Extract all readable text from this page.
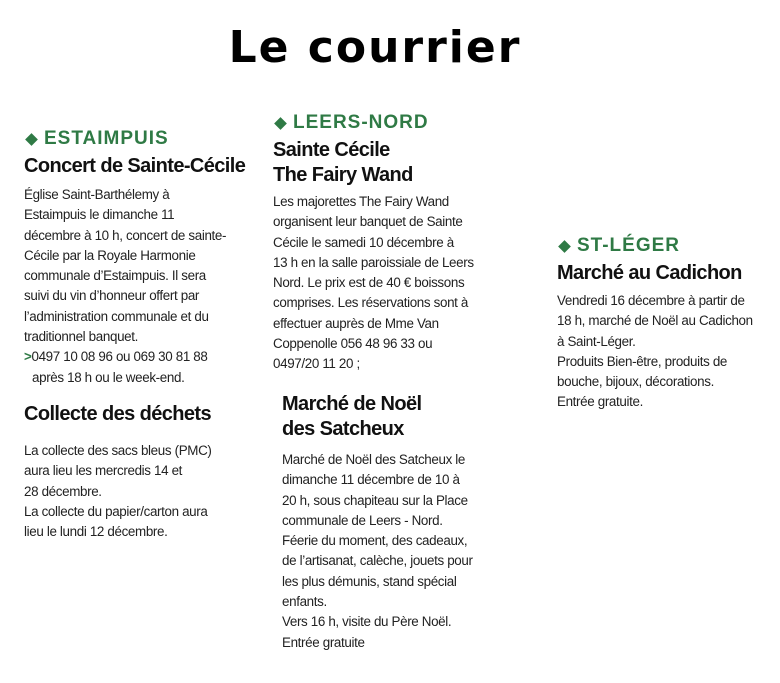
Le courrier
ESTAIMPUIS
Concert de Sainte-Cécile

Église Saint-Barthélemy à

Estaimpuis le dimanche 11

décembre à 10 h, concert de sainte-

Cécile par la Royale Harmonie

communale d’Estaimpuis. Il sera

suivi du vin d’honneur offert par

l’administration communale et du

traditionnel banquet.

>0497 10 08 96 ou 069 30 81 88
après 18 h ou le week-end.
Collecte des déchets

La collecte des sacs bleus (PMC)

aura lieu les mercredis 14 et

28 décembre.

La collecte du papier/carton aura

lieu le lundi 12 décembre.

LEERS-NORD
Sainte Cécile
The Fairy Wand

Les majorettes The Fairy Wand

organisent leur banquet de Sainte

Cécile le samedi 10 décembre à

13 h en la salle paroissiale de Leers

Nord. Le prix est de 40 € boissons

comprises. Les réservations sont à

effectuer auprès de Mme Van

Coppenolle 056 48 96 33 ou

0497/20 11 20 ;

Marché de Noël
des Satcheux

Marché de Noël des Satcheux le

dimanche 11 décembre de 10 à

20 h, sous chapiteau sur la Place

communale de Leers - Nord.

Féerie du moment, des cadeaux,

de l’artisanat, calèche, jouets pour

les plus démunis, stand spécial

enfants.

Vers 16 h, visite du Père Noël.

Entrée gratuite

ST-LÉGER
Marché au Cadichon

Vendredi 16 décembre à partir de

18 h, marché de Noël au Cadichon

à Saint-Léger.

Produits Bien-être, produits de

bouche, bijoux, décorations.

Entrée gratuite.
